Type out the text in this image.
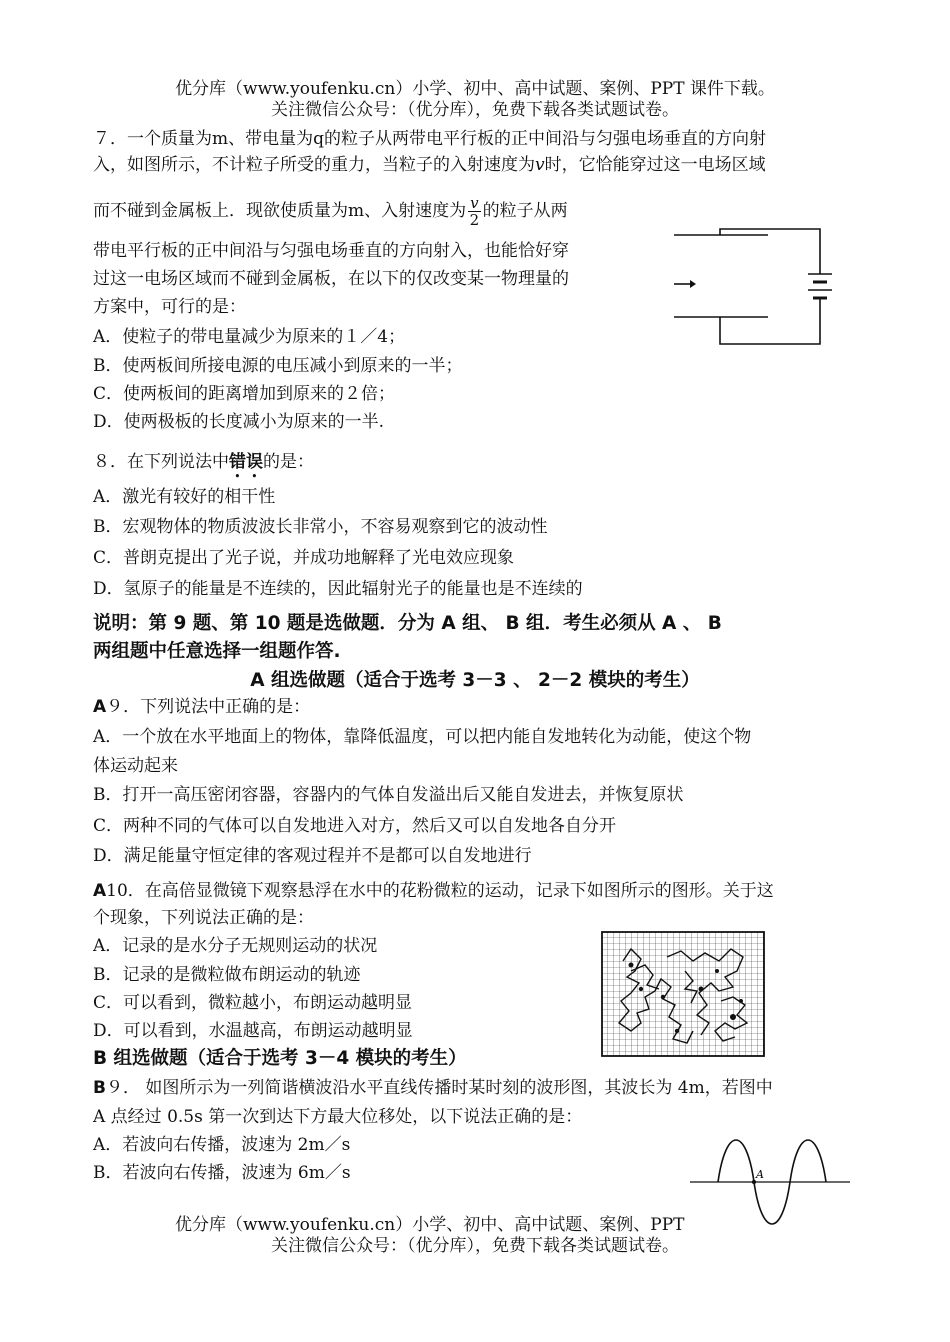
优分库（www.youfenku.cn）小学、初中、高中试题、案例、PPT 课件下载。
关注微信公众号：（优分库），免费下载各类试题试卷。
７．一个质量为m、带电量为q的粒子从两带电平行板的正中间沿与匀强电场垂直的方向射
入，如图所示，不计粒子所受的重力，当粒子的入射速度为v时，它恰能穿过这一电场区域
而不碰到金属板上．现欲使质量为m、入射速度为 $\frac{v}{2}$ 的粒子从两
带电平行板的正中间沿与匀强电场垂直的方向射入，也能恰好穿
过这一电场区域而不碰到金属板，在以下的仅改变某一物理量的
方案中，可行的是：
A．使粒子的带电量减少为原来的１／4；
B．使两板间所接电源的电压减小到原来的一半；
C．使两板间的距离增加到原来的２倍；
D．使两极板的长度减小为原来的一半.
８．在下列说法中错误的是：
A．激光有较好的相干性
B．宏观物体的物质波波长非常小，不容易观察到它的波动性
C．普朗克提出了光子说，并成功地解释了光电效应现象
D．氢原子的能量是不连续的，因此辐射光子的能量也是不连续的
说明：第 9 题、第 10 题是选做题．分为 A 组、 B 组．考生必须从 A 、 B
两组题中任意选择一组题作答.
A 组选做题（适合于选考 3－3 、 2－2 模块的考生）
A９．下列说法中正确的是：
A．一个放在水平地面上的物体，靠降低温度，可以把内能自发地转化为动能，使这个物
体运动起来
B．打开一高压密闭容器，容器内的气体自发溢出后又能自发进去，并恢复原状
C．两种不同的气体可以自发地进入对方，然后又可以自发地各自分开
D．满足能量守恒定律的客观过程并不是都可以自发地进行
A10．在高倍显微镜下观察悬浮在水中的花粉微粒的运动，记录下如图所示的图形。关于这
个现象，下列说法正确的是：
A．记录的是水分子无规则运动的状况
B．记录的是微粒做布朗运动的轨迹
C．可以看到，微粒越小，布朗运动越明显
D．可以看到，水温越高，布朗运动越明显
B 组选做题（适合于选考 3－4 模块的考生）
B９． 如图所示为一列简谐横波沿水平直线传播时某时刻的波形图，其波长为 4m，若图中
A 点经过 0.5s 第一次到达下方最大位移处，以下说法正确的是：
A．若波向右传播，波速为 2m／s
B．若波向右传播，波速为 6m／s	A
优分库（www.youfenku.cn）小学、初中、高中试题、案例、PPT
关注微信公众号：（优分库），免费下载各类试题试卷。
